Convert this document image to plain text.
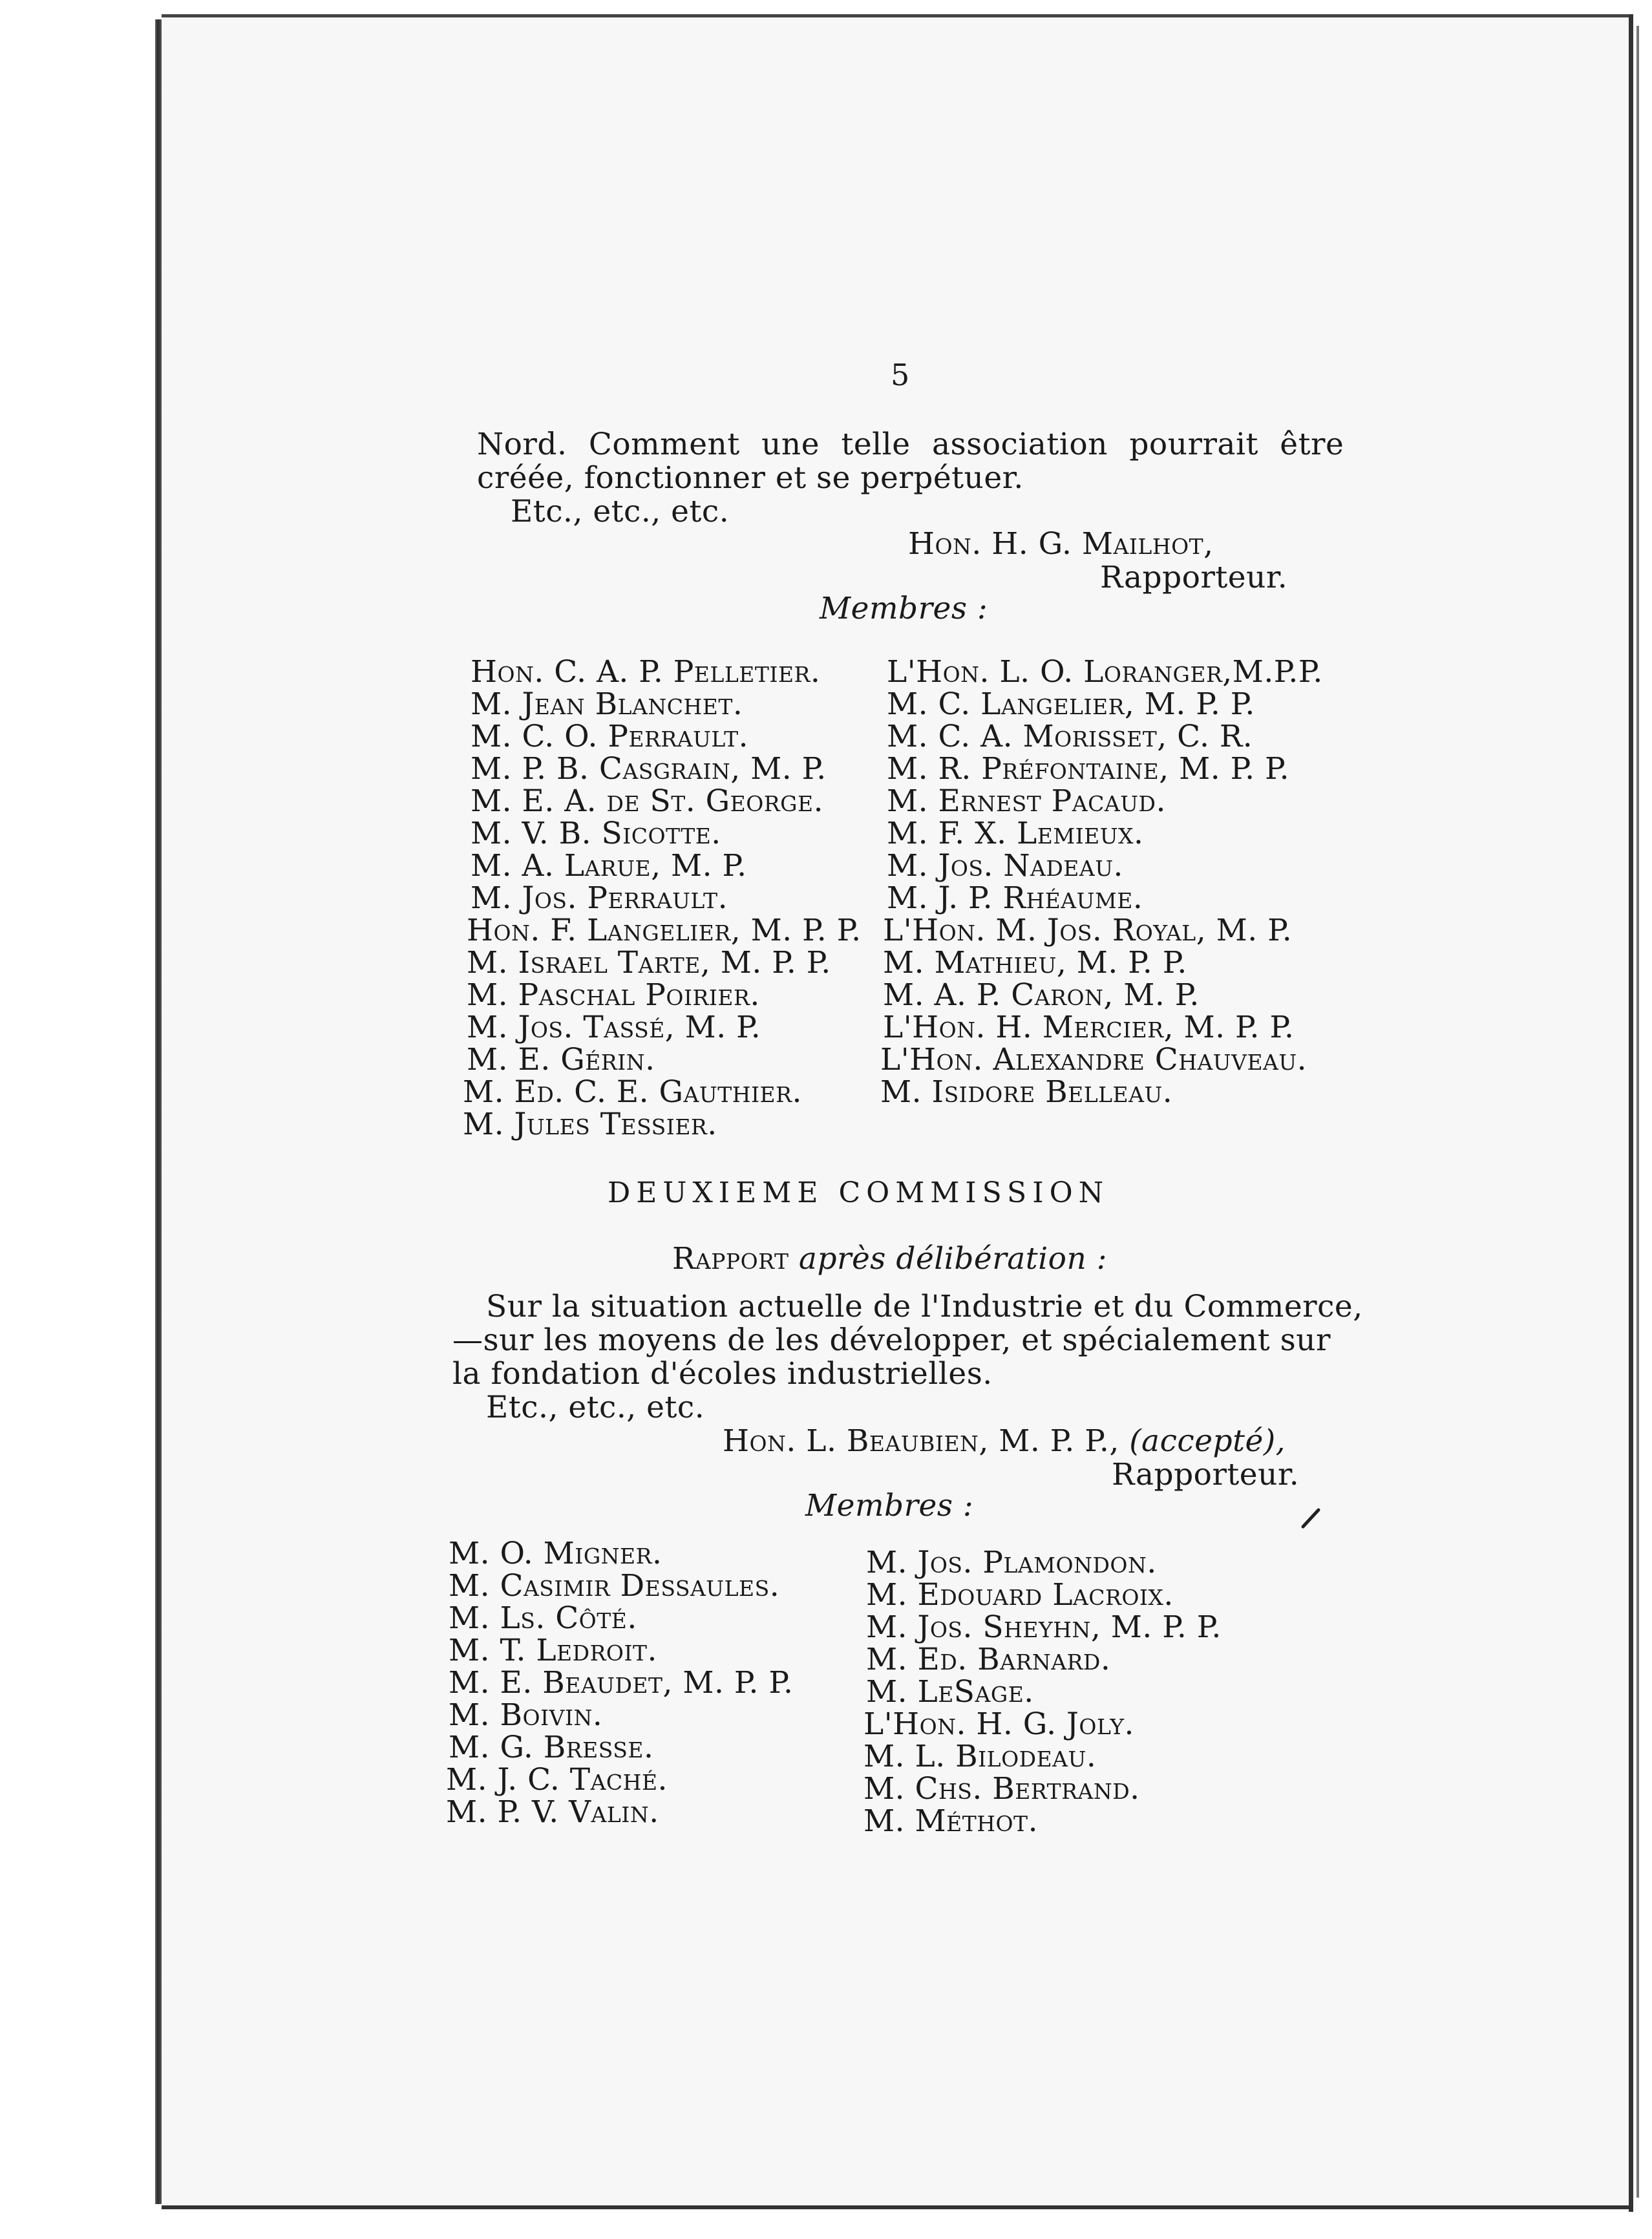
5
Nord. Comment une telle association pourrait être
créée, fonctionner et se perpétuer.
Etc., etc., etc.
Hon. H. G. Mailhot,
Rapporteur.
Membres :
Hon. C. A. P. Pelletier.
M. Jean Blanchet.
M. C. O. Perrault.
M. P. B. Casgrain, M. P.
M. E. A. de St. George.
M. V. B. Sicotte.
M. A. Larue, M. P.
M. Jos. Perrault.
Hon. F. Langelier, M. P. P.
M. Israel Tarte, M. P. P.
M. Paschal Poirier.
M. Jos. Tassé, M. P.
M. E. Gérin.
M. Ed. C. E. Gauthier.
M. Jules Tessier.
L'Hon. L. O. Loranger,M.P.P.
M. C. Langelier, M. P. P.
M. C. A. Morisset, C. R.
M. R. Préfontaine, M. P. P.
M. Ernest Pacaud.
M. F. X. Lemieux.
M. Jos. Nadeau.
M. J. P. Rhéaume.
L'Hon. M. Jos. Royal, M. P.
M. Mathieu, M. P. P.
M. A. P. Caron, M. P.
L'Hon. H. Mercier, M. P. P.
L'Hon. Alexandre Chauveau.
M. Isidore Belleau.
DEUXIEME COMMISSION
Rapport après délibération :
Sur la situation actuelle de l'Industrie et du Commerce,
—sur les moyens de les développer, et spécialement sur
la fondation d'écoles industrielles.
Etc., etc., etc.
Hon. L. Beaubien, M. P. P., (accepté),
Rapporteur.
Membres :
M. O. Migner.
M. Casimir Dessaules.
M. Ls. Côté.
M. T. Ledroit.
M. E. Beaudet, M. P. P.
M. Boivin.
M. G. Bresse.
M. J. C. Taché.
M. P. V. Valin.
M. Jos. Plamondon.
M. Edouard Lacroix.
M. Jos. Sheyhn, M. P. P.
M. Ed. Barnard.
M. LeSage.
L'Hon. H. G. Joly.
M. L. Bilodeau.
M. Chs. Bertrand.
M. Méthot.
